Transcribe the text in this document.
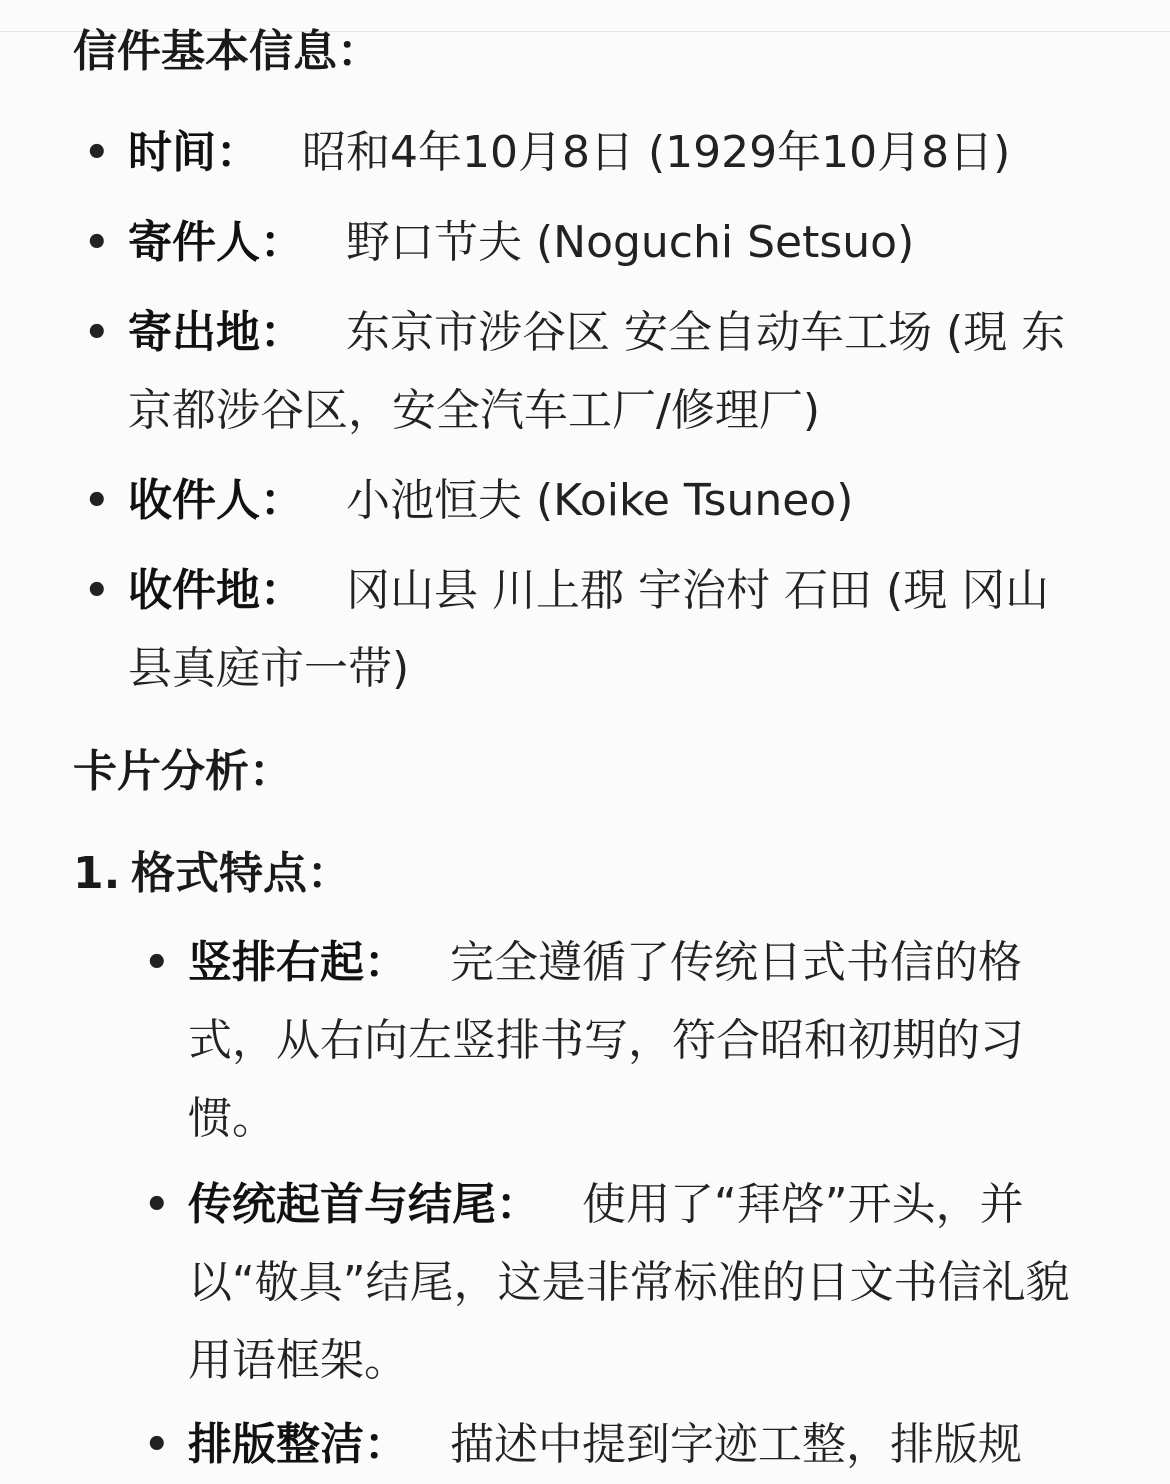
信件基本信息：
• 时间： 昭和4年10月8日 (1929年10月8日)
• 寄件人： 野口节夫 (Noguchi Setsuo)
• 寄出地： 东京市涉谷区 安全自动车工场 (現 东京都涉谷区，安全汽车工厂/修理厂)
• 收件人： 小池恒夫 (Koike Tsuneo)
• 收件地： 冈山县 川上郡 宇治村 石田 (現 冈山县真庭市一带)
卡片分析：
1. 格式特点：
• 竖排右起： 完全遵循了传统日式书信的格式，从右向左竖排书写，符合昭和初期的习惯。
• 传统起首与结尾： 使用了“拜啓”开头，并以“敬具”结尾，这是非常标准的日文书信礼貌用语框架。
• 排版整洁： 描述中提到字迹工整，排版规
